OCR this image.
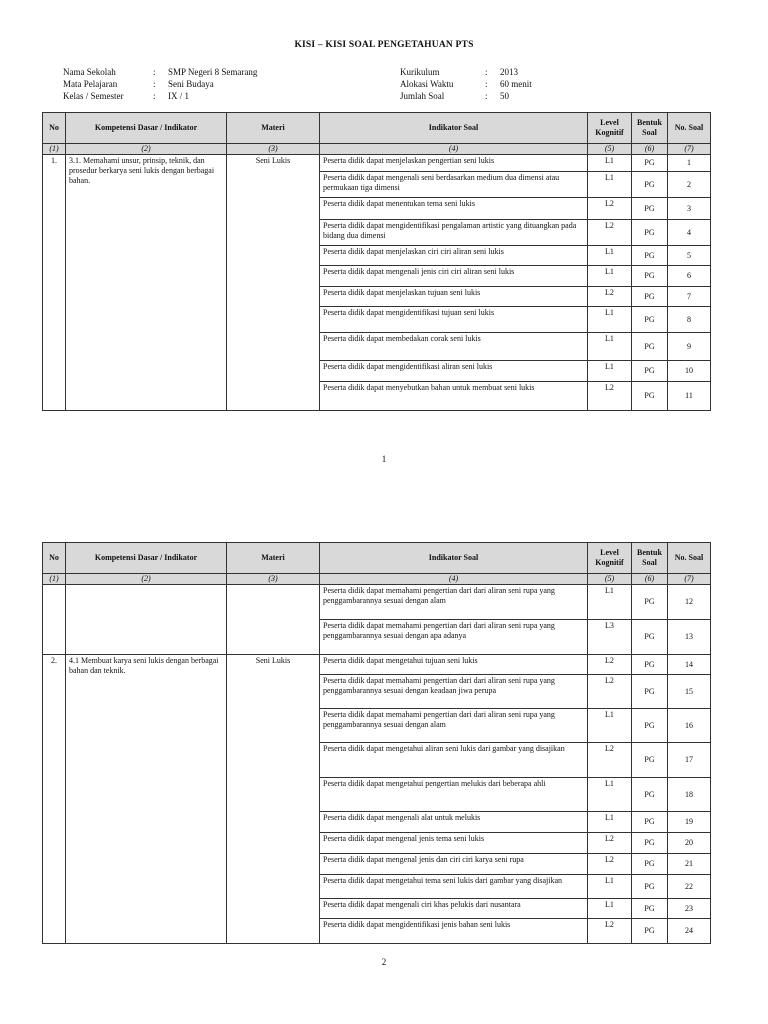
KISI – KISI SOAL PENGETAHUAN PTS
Nama Sekolah	:	SMP Negeri 8 Semarang
Mata Pelajaran	:	Seni Budaya
Kelas / Semester	:	IX / 1
Kurikulum	:	2013
Alokasi Waktu	:	60 menit
Jumlah Soal	:	50
No	Kompetensi Dasar / Indikator	Materi	Indikator Soal	Level Kognitif	Bentuk Soal	No. Soal
(1)	(2)	(3)	(4)	(5)	(6)	(7)
1.	3.1. Memahami unsur, prinsip, teknik, dan prosedur berkarya seni lukis dengan berbagai bahan.	Seni Lukis	Peserta didik dapat menjelaskan pengertian seni lukis	L1	PG	1
			Peserta didik dapat mengenali seni berdasarkan medium dua dimensi atau permukaan tiga dimensi	L1	PG	2
			Peserta didik dapat menentukan tema seni lukis	L2	PG	3
			Peserta didik dapat mengidentifikasi pengalaman artistic yang dituangkan pada bidang dua dimensi	L2	PG	4
			Peserta didik dapat menjelaskan ciri ciri aliran seni lukis	L1	PG	5
			Peserta didik dapat mengenali jenis ciri ciri aliran seni lukis	L1	PG	6
			Peserta didik dapat menjelaskan tujuan seni lukis	L2	PG	7
			Peserta didik dapat mengidentifikasi tujuan seni lukis	L1	PG	8
			Peserta didik dapat membedakan corak seni lukis	L1	PG	9
			Peserta didik dapat mengidentifikasi aliran seni lukis	L1	PG	10
			Peserta didik dapat menyebutkan bahan untuk membuat seni lukis	L2	PG	11
1
No	Kompetensi Dasar / Indikator	Materi	Indikator Soal	Level Kognitif	Bentuk Soal	No. Soal
(1)	(2)	(3)	(4)	(5)	(6)	(7)
			Peserta didik dapat memahami pengertian dari dari aliran seni rupa yang penggambarannya sesuai dengan alam	L1	PG	12
			Peserta didik dapat memahami pengertian dari dari aliran seni rupa yang penggambarannya sesuai dengan apa adanya	L3	PG	13
2.	4.1 Membuat karya seni lukis dengan berbagai bahan dan teknik.	Seni Lukis	Peserta didik dapat mengetahui tujuan seni lukis	L2	PG	14
			Peserta didik dapat memahami pengertian dari dari aliran seni rupa yang penggambarannya sesuai dengan keadaan jiwa perupa	L2	PG	15
			Peserta didik dapat memahami pengertian dari dari aliran seni rupa yang penggambarannya sesuai dengan alam	L1	PG	16
			Peserta didik dapat mengetahui aliran seni lukis dari gambar yang disajikan	L2	PG	17
			Peserta didik dapat mengetahui pengertian melukis dari beberapa ahli	L1	PG	18
			Peserta didik dapat mengenali alat untuk melukis	L1	PG	19
			Peserta didik dapat mengenal jenis tema seni lukis	L2	PG	20
			Peserta didik dapat mengenal jenis dan ciri ciri karya seni rupa	L2	PG	21
			Peserta didik dapat mengetahui tema seni lukis dari gambar yang disajikan	L1	PG	22
			Peserta didik dapat mengenali ciri khas pelukis dari nusantara	L1	PG	23
			Peserta didik dapat mengidentifikasi jenis bahan seni lukis	L2	PG	24
2
